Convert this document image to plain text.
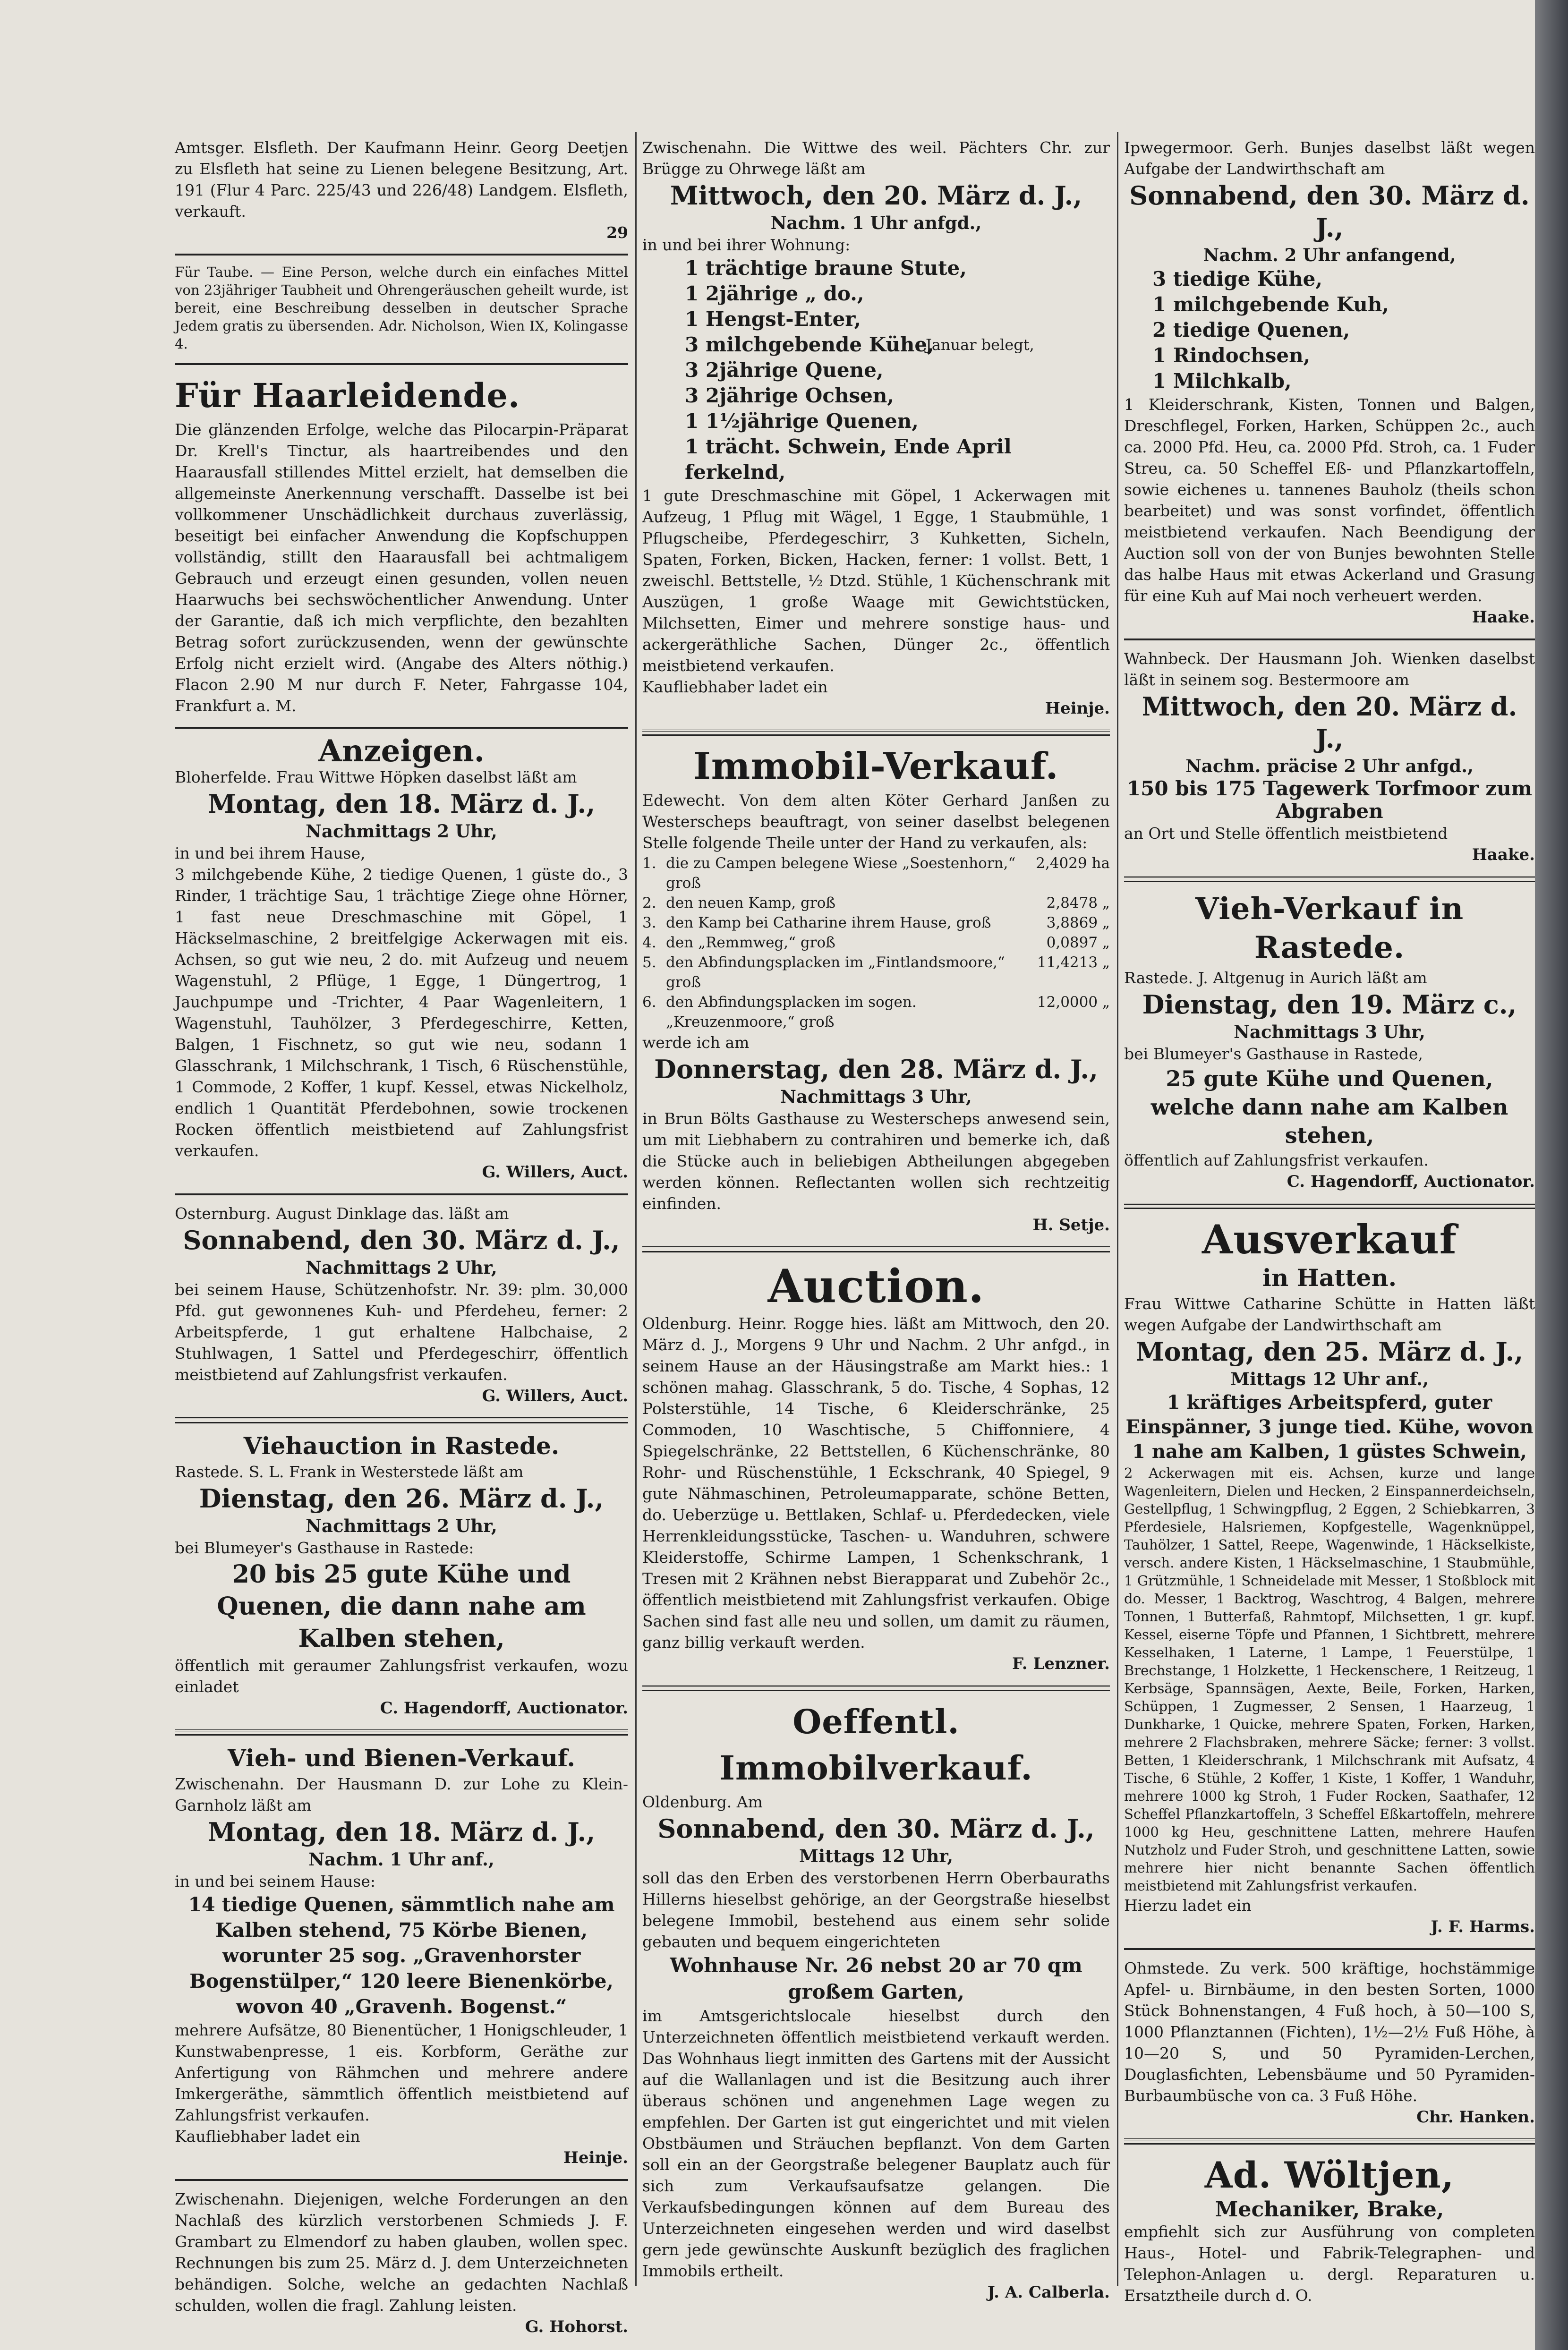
Amtsger. Elsfleth. Der Kaufmann Heinr. Georg Deetjen zu Elsfleth hat seine zu Lienen belegene Besitzung, Art. 191 (Flur 4 Parc. 225/43 und 226/48) Landgem. Elsfleth, verkauft.

29

Für Taube. — Eine Person, welche durch ein einfaches Mittel von 23jähriger Taubheit und Ohrengeräuschen geheilt wurde, ist bereit, eine Beschreibung desselben in deutscher Sprache Jedem gratis zu übersenden. Adr. Nicholson, Wien IX, Kolingasse 4.

Für Haarleidende.

Die glänzenden Erfolge, welche das Pilocarpin-Präparat Dr. Krell's Tinctur, als haartreibendes und den Haarausfall stillendes Mittel erzielt, hat demselben die allgemeinste Anerkennung verschafft. Dasselbe ist bei vollkommener Unschädlichkeit durchaus zuverlässig, beseitigt bei einfacher Anwendung die Kopfschuppen vollständig, stillt den Haarausfall bei achtmaligem Gebrauch und erzeugt einen gesunden, vollen neuen Haarwuchs bei sechswöchentlicher Anwendung. Unter der Garantie, daß ich mich verpflichte, den bezahlten Betrag sofort zurückzusenden, wenn der gewünschte Erfolg nicht erzielt wird. (Angabe des Alters nöthig.) Flacon 2.90 M nur durch F. Neter, Fahrgasse 104, Frankfurt a. M.

Anzeigen.

Bloherfelde. Frau Wittwe Höpken daselbst läßt am

Montag, den 18. März d. J.,
Nachmittags 2 Uhr,

in und bei ihrem Hause,

3 milchgebende Kühe, 2 tiedige Quenen, 1 güste do., 3 Rinder, 1 trächtige Sau, 1 trächtige Ziege ohne Hörner, 1 fast neue Dreschmaschine mit Göpel, 1 Häckselmaschine, 2 breitfelgige Ackerwagen mit eis. Achsen, so gut wie neu, 2 do. mit Aufzeug und neuem Wagenstuhl, 2 Pflüge, 1 Egge, 1 Düngertrog, 1 Jauchpumpe und -Trichter, 4 Paar Wagenleitern, 1 Wagenstuhl, Tauhölzer, 3 Pferdegeschirre, Ketten, Balgen, 1 Fischnetz, so gut wie neu, sodann 1 Glasschrank, 1 Milchschrank, 1 Tisch, 6 Rüschenstühle, 1 Commode, 2 Koffer, 1 kupf. Kessel, etwas Nickelholz, endlich 1 Quantität Pferdebohnen, sowie trockenen Rocken öffentlich meistbietend auf Zahlungsfrist verkaufen.

G. Willers, Auct.

Osternburg. August Dinklage das. läßt am

Sonnabend, den 30. März d. J.,
Nachmittags 2 Uhr,

bei seinem Hause, Schützenhofstr. Nr. 39: plm. 30,000 Pfd. gut gewonnenes Kuh- und Pferdeheu, ferner: 2 Arbeitspferde, 1 gut erhaltene Halbchaise, 2 Stuhlwagen, 1 Sattel und Pferdegeschirr, öffentlich meistbietend auf Zahlungsfrist verkaufen.

G. Willers, Auct.
Viehauction in Rastede.

Rastede. S. L. Frank in Westerstede läßt am

Dienstag, den 26. März d. J.,
Nachmittags 2 Uhr,

bei Blumeyer's Gasthause in Rastede:

20 bis 25 gute Kühe und Quenen, die dann nahe am Kalben stehen,

öffentlich mit geraumer Zahlungsfrist verkaufen, wozu einladet

C. Hagendorff, Auctionator.
Vieh- und Bienen-Verkauf.

Zwischenahn. Der Hausmann D. zur Lohe zu Klein-Garnholz läßt am

Montag, den 18. März d. J.,
Nachm. 1 Uhr anf.,

in und bei seinem Hause:

14 tiedige Quenen, sämmtlich nahe am Kalben stehend, 75 Körbe Bienen, worunter 25 sog. „Gravenhorster Bogenstülper,“ 120 leere Bienenkörbe, wovon 40 „Gravenh. Bogenst.“

mehrere Aufsätze, 80 Bienentücher, 1 Honigschleuder, 1 Kunstwabenpresse, 1 eis. Korbform, Geräthe zur Anfertigung von Rähmchen und mehrere andere Imkergeräthe, sämmtlich öffentlich meistbietend auf Zahlungsfrist verkaufen.

Kaufliebhaber ladet ein

Heinje.

Zwischenahn. Diejenigen, welche Forderungen an den Nachlaß des kürzlich verstorbenen Schmieds J. F. Grambart zu Elmendorf zu haben glauben, wollen spec. Rechnungen bis zum 25. März d. J. dem Unterzeichneten behändigen. Solche, welche an gedachten Nachlaß schulden, wollen die fragl. Zahlung leisten.

G. Hohorst.

Zwischenahn. Die Wittwe des weil. Pächters Chr. zur Brügge zu Ohrwege läßt am

Mittwoch, den 20. März d. J.,
Nachm. 1 Uhr anfgd.,

in und bei ihrer Wohnung:

1 trächtige braune Stute,
1 2jährige „ do.,
1 Hengst-Enter,
3 milchgebende Kühe,
3 2jährige Quene,
3 2jährige Ochsen,
1 1½jährige Quenen,
1 trächt. Schwein, Ende April ferkelnd,
Januar belegt,

1 gute Dreschmaschine mit Göpel, 1 Ackerwagen mit Aufzeug, 1 Pflug mit Wägel, 1 Egge, 1 Staubmühle, 1 Pflugscheibe, Pferdegeschirr, 3 Kuhketten, Sicheln, Spaten, Forken, Bicken, Hacken, ferner: 1 vollst. Bett, 1 zweischl. Bettstelle, ½ Dtzd. Stühle, 1 Küchenschrank mit Auszügen, 1 große Waage mit Gewichtstücken, Milchsetten, Eimer und mehrere sonstige haus- und ackergeräthliche Sachen, Dünger 2c., öffentlich meistbietend verkaufen.

Kaufliebhaber ladet ein

Heinje.
Immobil-Verkauf.

Edewecht. Von dem alten Köter Gerhard Janßen zu Westerscheps beauftragt, von seiner daselbst belegenen Stelle folgende Theile unter der Hand zu verkaufen, als:

1.	die zu Campen belegene Wiese „Soestenhorn,“ groß	2,4029 ha
2.	den neuen Kamp, groß	2,8478 „
3.	den Kamp bei Catharine ihrem Hause, groß	3,8869 „
4.	den „Remmweg,“ groß	0,0897 „
5.	den Abfindungsplacken im „Fintlandsmoore,“ groß	11,4213 „
6.	den Abfindungsplacken im sogen. „Kreuzenmoore,“ groß	12,0000 „

werde ich am

Donnerstag, den 28. März d. J.,
Nachmittags 3 Uhr,

in Brun Bölts Gasthause zu Westerscheps anwesend sein, um mit Liebhabern zu contrahiren und bemerke ich, daß die Stücke auch in beliebigen Abtheilungen abgegeben werden können. Reflectanten wollen sich rechtzeitig einfinden.

H. Setje.
Auction.

Oldenburg. Heinr. Rogge hies. läßt am Mittwoch, den 20. März d. J., Morgens 9 Uhr und Nachm. 2 Uhr anfgd., in seinem Hause an der Häusingstraße am Markt hies.: 1 schönen mahag. Glasschrank, 5 do. Tische, 4 Sophas, 12 Polsterstühle, 14 Tische, 6 Kleiderschränke, 25 Commoden, 10 Waschtische, 5 Chiffonniere, 4 Spiegelschränke, 22 Bettstellen, 6 Küchenschränke, 80 Rohr- und Rüschenstühle, 1 Eckschrank, 40 Spiegel, 9 gute Nähmaschinen, Petroleumapparate, schöne Betten, do. Ueberzüge u. Bettlaken, Schlaf- u. Pferdedecken, viele Herrenkleidungsstücke, Taschen- u. Wanduhren, schwere Kleiderstoffe, Schirme Lampen, 1 Schenkschrank, 1 Tresen mit 2 Krähnen nebst Bierapparat und Zubehör 2c., öffentlich meistbietend mit Zahlungsfrist verkaufen. Obige Sachen sind fast alle neu und sollen, um damit zu räumen, ganz billig verkauft werden.

F. Lenzner.
Oeffentl. Immobilverkauf.

Oldenburg. Am

Sonnabend, den 30. März d. J.,
Mittags 12 Uhr,

soll das den Erben des verstorbenen Herrn Oberbauraths Hillerns hieselbst gehörige, an der Georgstraße hieselbst belegene Immobil, bestehend aus einem sehr solide gebauten und bequem eingerichteten

Wohnhause Nr. 26 nebst 20 ar 70 qm großem Garten,

im Amtsgerichtslocale hieselbst durch den Unterzeichneten öffentlich meistbietend verkauft werden. Das Wohnhaus liegt inmitten des Gartens mit der Aussicht auf die Wallanlagen und ist die Besitzung auch ihrer überaus schönen und angenehmen Lage wegen zu empfehlen. Der Garten ist gut eingerichtet und mit vielen Obstbäumen und Sträuchen bepflanzt. Von dem Garten soll ein an der Georgstraße belegener Bauplatz auch für sich zum Verkaufsaufsatze gelangen. Die Verkaufsbedingungen können auf dem Bureau des Unterzeichneten eingesehen werden und wird daselbst gern jede gewünschte Auskunft bezüglich des fraglichen Immobils ertheilt.

J. A. Calberla.

Ipwegermoor. Gerh. Bunjes daselbst läßt wegen Aufgabe der Landwirthschaft am

Sonnabend, den 30. März d. J.,
Nachm. 2 Uhr anfangend,
3 tiedige Kühe,
1 milchgebende Kuh,
2 tiedige Quenen,
1 Rindochsen,
1 Milchkalb,

1 Kleiderschrank, Kisten, Tonnen und Balgen, Dreschflegel, Forken, Harken, Schüppen 2c., auch ca. 2000 Pfd. Heu, ca. 2000 Pfd. Stroh, ca. 1 Fuder Streu, ca. 50 Scheffel Eß- und Pflanzkartoffeln, sowie eichenes u. tannenes Bauholz (theils schon bearbeitet) und was sonst vorfindet, öffentlich meistbietend verkaufen. Nach Beendigung der Auction soll von der von Bunjes bewohnten Stelle das halbe Haus mit etwas Ackerland und Grasung für eine Kuh auf Mai noch verheuert werden.

Haake.

Wahnbeck. Der Hausmann Joh. Wienken daselbst läßt in seinem sog. Bestermoore am

Mittwoch, den 20. März d. J.,
Nachm. präcise 2 Uhr anfgd.,
150 bis 175 Tagewerk Torfmoor zum Abgraben

an Ort und Stelle öffentlich meistbietend

Haake.
Vieh-Verkauf in Rastede.

Rastede. J. Altgenug in Aurich läßt am

Dienstag, den 19. März c.,
Nachmittags 3 Uhr,

bei Blumeyer's Gasthause in Rastede,

25 gute Kühe und Quenen, welche dann nahe am Kalben stehen,

öffentlich auf Zahlungsfrist verkaufen.

C. Hagendorff, Auctionator.
Ausverkauf
in Hatten.

Frau Wittwe Catharine Schütte in Hatten läßt wegen Aufgabe der Landwirthschaft am

Montag, den 25. März d. J.,
Mittags 12 Uhr anf.,
1 kräftiges Arbeitspferd, guter Einspänner, 3 junge tied. Kühe, wovon 1 nahe am Kalben, 1 güstes Schwein,

2 Ackerwagen mit eis. Achsen, kurze und lange Wagenleitern, Dielen und Hecken, 2 Einspannerdeichseln, Gestellpflug, 1 Schwingpflug, 2 Eggen, 2 Schiebkarren, 3 Pferdesiele, Halsriemen, Kopfgestelle, Wagenknüppel, Tauhölzer, 1 Sattel, Reepe, Wagenwinde, 1 Häckselkiste, versch. andere Kisten, 1 Häckselmaschine, 1 Staubmühle, 1 Grützmühle, 1 Schneidelade mit Messer, 1 Stoßblock mit do. Messer, 1 Backtrog, Waschtrog, 4 Balgen, mehrere Tonnen, 1 Butterfaß, Rahmtopf, Milchsetten, 1 gr. kupf. Kessel, eiserne Töpfe und Pfannen, 1 Sichtbrett, mehrere Kesselhaken, 1 Laterne, 1 Lampe, 1 Feuerstülpe, 1 Brechstange, 1 Holzkette, 1 Heckenschere, 1 Reitzeug, 1 Kerbsäge, Spannsägen, Aexte, Beile, Forken, Harken, Schüppen, 1 Zugmesser, 2 Sensen, 1 Haarzeug, 1 Dunkharke, 1 Quicke, mehrere Spaten, Forken, Harken, mehrere 2 Flachsbraken, mehrere Säcke; ferner: 3 vollst. Betten, 1 Kleiderschrank, 1 Milchschrank mit Aufsatz, 4 Tische, 6 Stühle, 2 Koffer, 1 Kiste, 1 Koffer, 1 Wanduhr, mehrere 1000 kg Stroh, 1 Fuder Rocken, Saathafer, 12 Scheffel Pflanzkartoffeln, 3 Scheffel Eßkartoffeln, mehrere 1000 kg Heu, geschnittene Latten, mehrere Haufen Nutzholz und Fuder Stroh, und geschnittene Latten, sowie mehrere hier nicht benannte Sachen öffentlich meistbietend mit Zahlungsfrist verkaufen.

Hierzu ladet ein

J. F. Harms.

Ohmstede. Zu verk. 500 kräftige, hochstämmige Apfel- u. Birnbäume, in den besten Sorten, 1000 Stück Bohnenstangen, 4 Fuß hoch, à 50—100 S, 1000 Pflanztannen (Fichten), 1½—2½ Fuß Höhe, à 10—20 S, und 50 Pyramiden-Lerchen, Douglasfichten, Lebensbäume und 50 Pyramiden-Burbaumbüsche von ca. 3 Fuß Höhe.

Chr. Hanken.
Ad. Wöltjen,
Mechaniker, Brake,

empfiehlt sich zur Ausführung von completen Haus-, Hotel- und Fabrik-Telegraphen- und Telephon-Anlagen u. dergl. Reparaturen u. Ersatztheile durch d. O.
